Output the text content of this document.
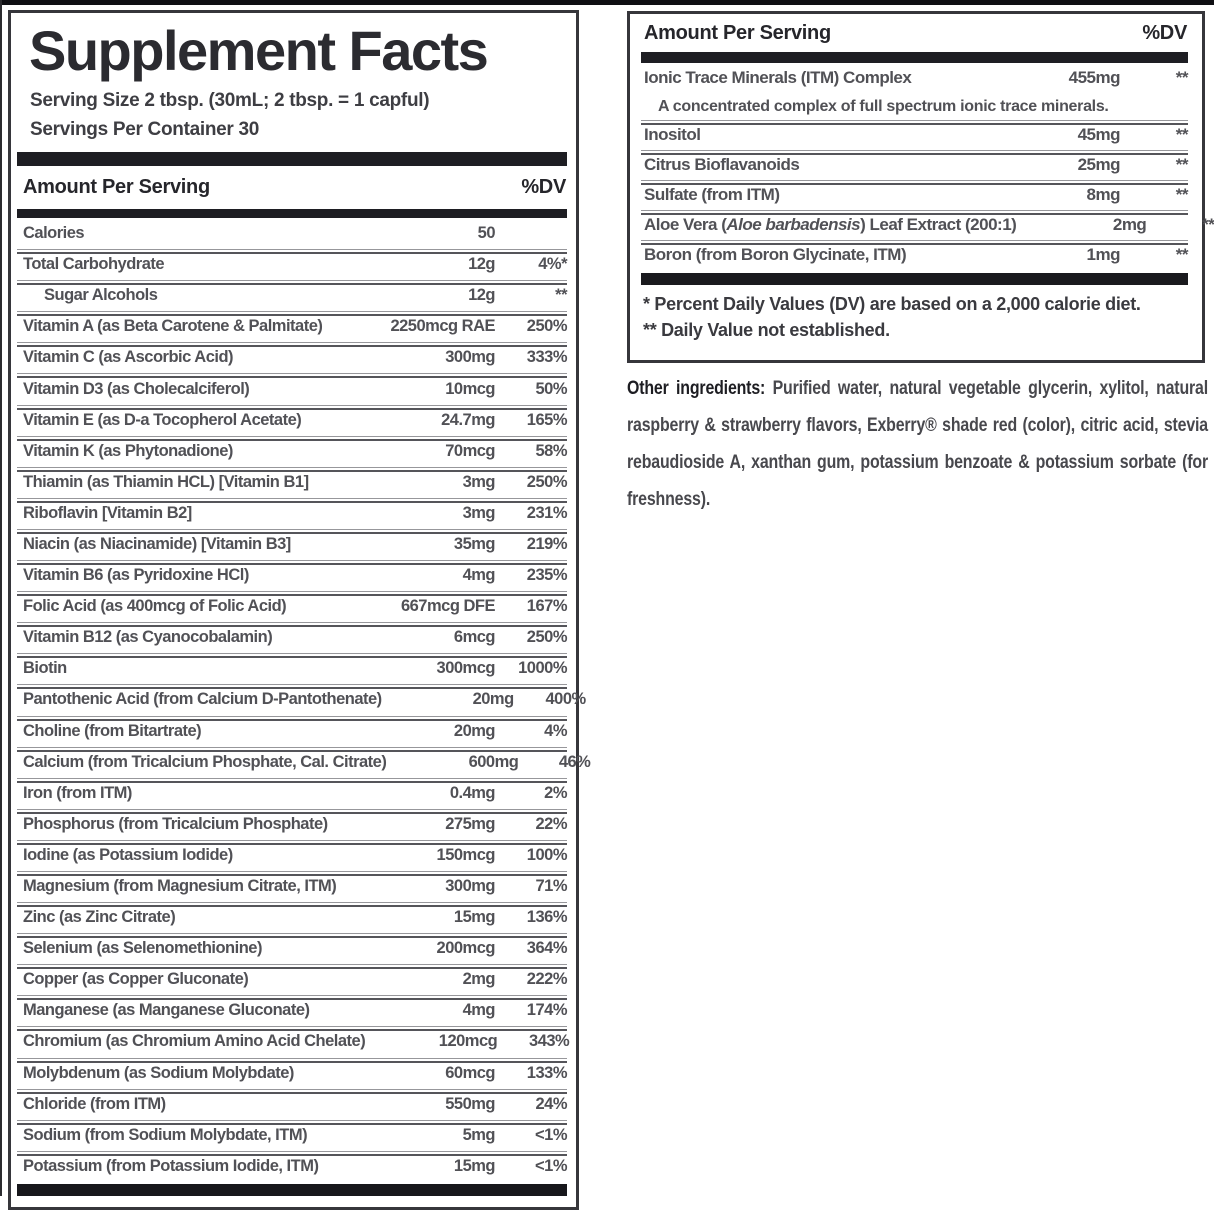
Supplement Facts
Serving Size 2 tbsp. (30mL; 2 tbsp. = 1 capful)
Servings Per Container 30
Amount Per Serving	%DV
Calories	50
Total Carbohydrate	12g	4%*
Sugar Alcohols	12g	**
Vitamin A (as Beta Carotene & Palmitate)	2250mcg RAE	250%
Vitamin C (as Ascorbic Acid)	300mg	333%
Vitamin D3 (as Cholecalciferol)	10mcg	50%
Vitamin E (as D-a Tocopherol Acetate)	24.7mg	165%
Vitamin K (as Phytonadione)	70mcg	58%
Thiamin (as Thiamin HCL) [Vitamin B1]	3mg	250%
Riboflavin [Vitamin B2]	3mg	231%
Niacin (as Niacinamide) [Vitamin B3]	35mg	219%
Vitamin B6 (as Pyridoxine HCl)	4mg	235%
Folic Acid (as 400mcg of Folic Acid)	667mcg DFE	167%
Vitamin B12 (as Cyanocobalamin)	6mcg	250%
Biotin	300mcg	1000%
Pantothenic Acid (from Calcium D-Pantothenate)	20mg	400%
Choline (from Bitartrate)	20mg	4%
Calcium (from Tricalcium Phosphate, Cal. Citrate)	600mg	46%
Iron (from ITM)	0.4mg	2%
Phosphorus (from Tricalcium Phosphate)	275mg	22%
Iodine (as Potassium Iodide)	150mcg	100%
Magnesium (from Magnesium Citrate, ITM)	300mg	71%
Zinc (as Zinc Citrate)	15mg	136%
Selenium (as Selenomethionine)	200mcg	364%
Copper (as Copper Gluconate)	2mg	222%
Manganese (as Manganese Gluconate)	4mg	174%
Chromium (as Chromium Amino Acid Chelate)	120mcg	343%
Molybdenum (as Sodium Molybdate)	60mcg	133%
Chloride (from ITM)	550mg	24%
Sodium (from Sodium Molybdate, ITM)	5mg	<1%
Potassium (from Potassium Iodide, ITM)	15mg	<1%
Amount Per Serving	%DV
Ionic Trace Minerals (ITM) Complex	455mg	**
A concentrated complex of full spectrum ionic trace minerals.
Inositol	45mg	**
Citrus Bioflavanoids	25mg	**
Sulfate (from ITM)	8mg	**
Aloe Vera (Aloe barbadensis) Leaf Extract (200:1)	2mg	**
Boron (from Boron Glycinate, ITM)	1mg	**
* Percent Daily Values (DV) are based on a 2,000 calorie diet.
** Daily Value not established.
Other ingredients: Purified water, natural vegetable glycerin, xylitol, natural
raspberry & strawberry flavors, Exberry® shade red (color), citric acid, stevia
rebaudioside A, xanthan gum, potassium benzoate & potassium sorbate (for
freshness).
